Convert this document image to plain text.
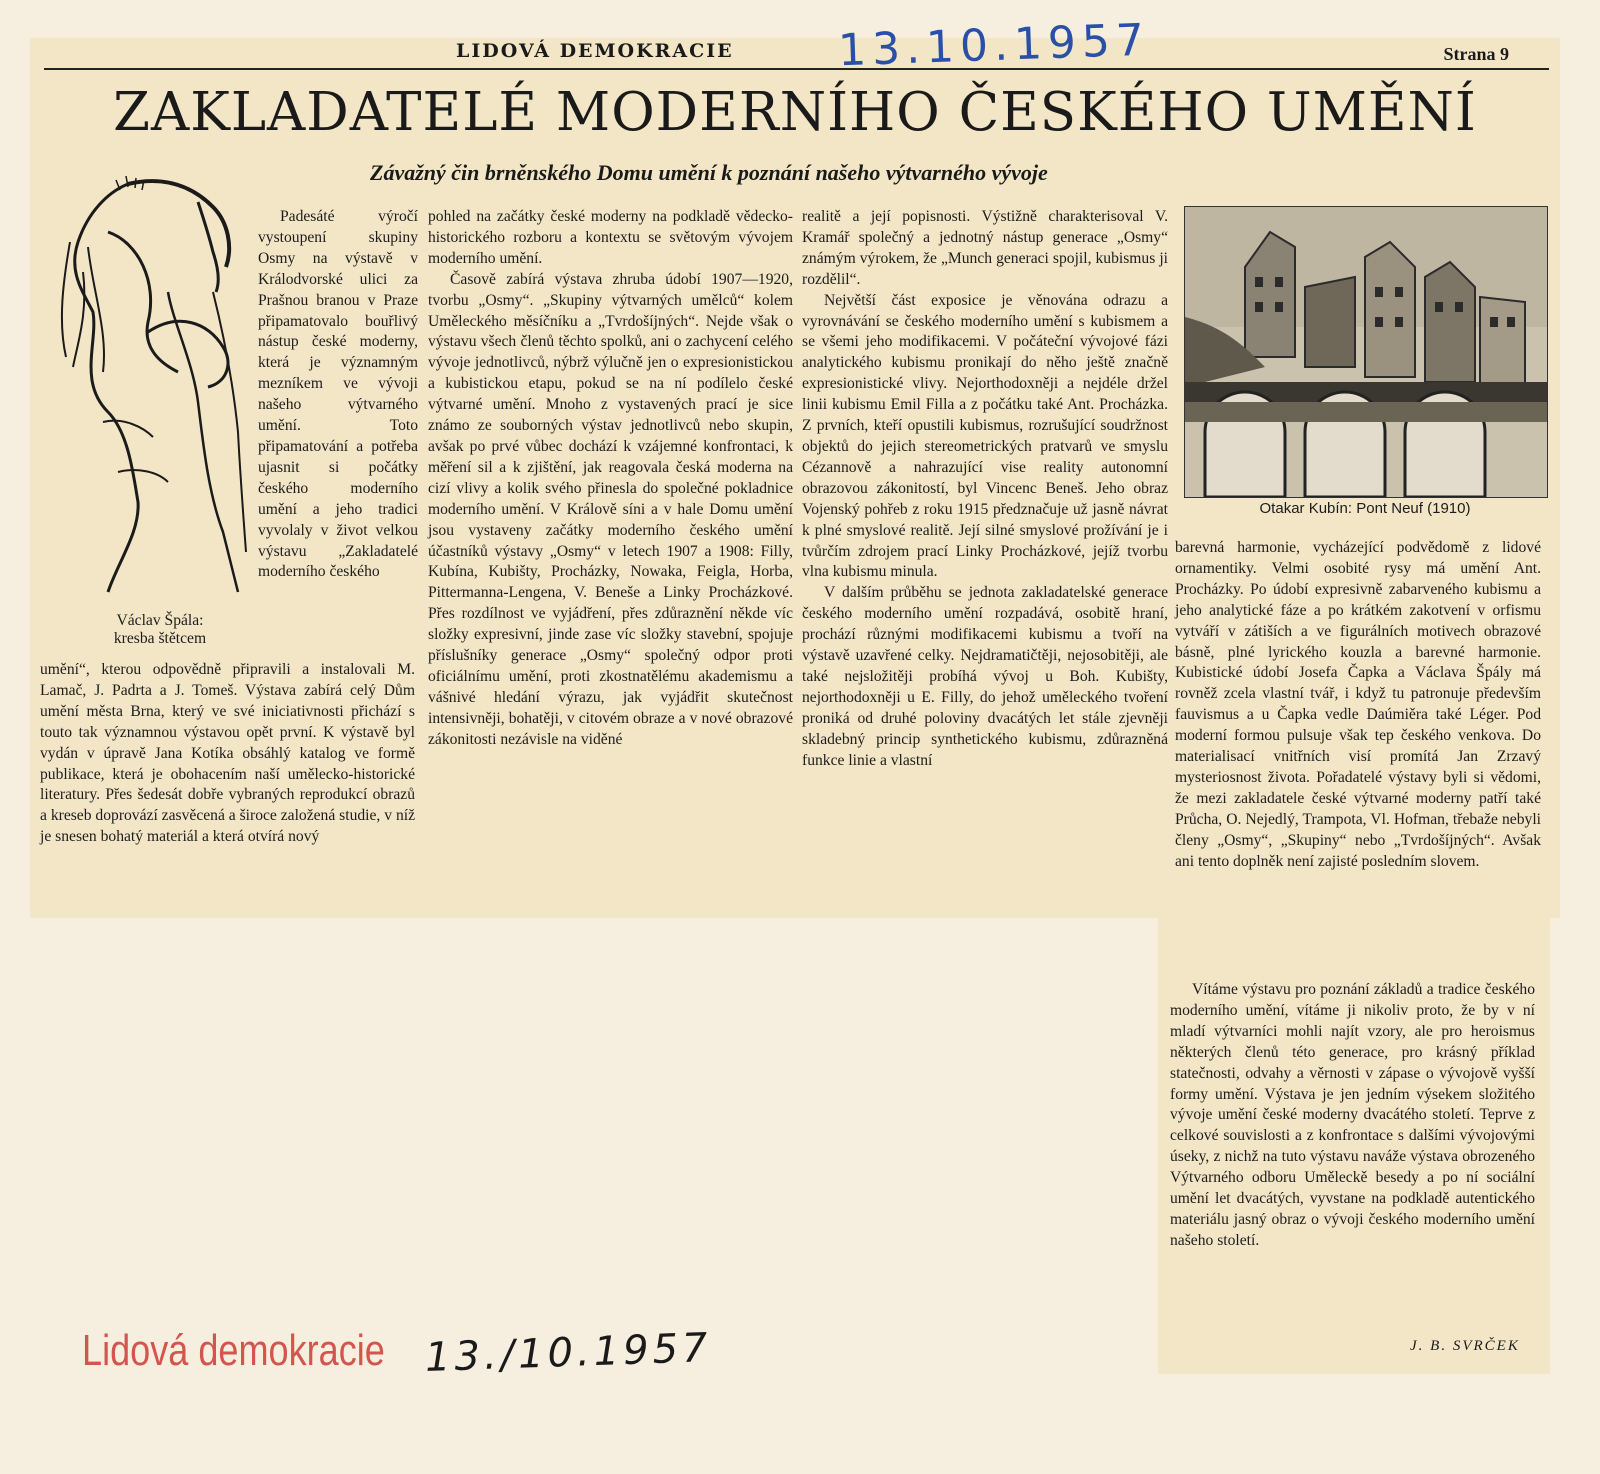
LIDOVÁ DEMOKRACIE	Strana 9
13.10.1957
ZAKLADATELÉ MODERNÍHO ČESKÉHO UMĚNÍ
Závažný čin brněnského Domu umění k poznání našeho výtvarného vývoje
Václav Špála:
kresba štětcem

Padesáté výročí vystoupení skupiny Osmy na výstavě v Králodvorské ulici za Prašnou branou v Praze připamatovalo bouřlivý nástup české moderny, která je významným mezníkem ve vývoji našeho výtvarného umění. Toto připamatování a potřeba ujasnit si počátky českého moderního umění a jeho tradici vyvolaly v život velkou výstavu „Zakladatelé moderního českého

umění“, kterou odpovědně připravili a instalovali M. Lamač, J. Padrta a J. Tomeš. Výstava zabírá celý Dům umění města Brna, který ve své iniciativnosti přichází s touto tak významnou výstavou opět první. K výstavě byl vydán v úpravě Jana Kotíka obsáhlý katalog ve formě publikace, která je obohacením naší umělecko-historické literatury. Přes šedesát dobře vybraných reprodukcí obrazů a kreseb doprovází zasvěcená a široce založená studie, v níž je snesen bohatý materiál a která otvírá nový

pohled na začátky české moderny na podkladě vědecko-historického rozboru a kontextu se světovým vývojem moderního umění.

Časově zabírá výstava zhruba údobí 1907—1920, tvorbu „Osmy“. „Skupiny výtvarných umělců“ kolem Uměleckého měsíčníku a „Tvrdošíjných“. Nejde však o výstavu všech členů těchto spolků, ani o zachycení celého vývoje jednotlivců, nýbrž výlučně jen o expresionistickou a kubistickou etapu, pokud se na ní podílelo české výtvarné umění. Mnoho z vystavených prací je sice známo ze souborných výstav jednotlivců nebo skupin, avšak po prvé vůbec dochází k vzájemné konfrontaci, k měření sil a k zjištění, jak reagovala česká moderna na cizí vlivy a kolik svého přinesla do společné pokladnice moderního umění. V Králově síni a v hale Domu umění jsou vystaveny začátky moderního českého umění účastníků výstavy „Osmy“ v letech 1907 a 1908: Filly, Kubína, Kubišty, Procházky, Nowaka, Feigla, Horba, Pittermanna-Lengena, V. Beneše a Linky Procházkové. Přes rozdílnost ve vyjádření, přes zdůraznění někde víc složky expresivní, jinde zase víc složky stavební, spojuje příslušníky generace „Osmy“ společný odpor proti oficiálnímu umění, proti zkostnatělému akademismu a vášnivé hledání výrazu, jak vyjádřit skutečnost intensivněji, bohatěji, v citovém obraze a v nové obrazové zákonitosti nezávisle na viděné

realitě a její popisnosti. Výstižně charakterisoval V. Kramář společný a jednotný nástup generace „Osmy“ známým výrokem, že „Munch generaci spojil, kubismus ji rozdělil“.

Největší část exposice je věnována odrazu a vyrovnávání se českého moderního umění s kubismem a se všemi jeho modifikacemi. V počáteční vývojové fázi analytického kubismu pronikají do něho ještě značně expresionistické vlivy. Nejorthodoxněji a nejdéle držel linii kubismu Emil Filla a z počátku také Ant. Procházka. Z prvních, kteří opustili kubismus, rozrušující soudržnost objektů do jejich stereometrických pratvarů ve smyslu Cézannově a nahrazující vise reality autonomní obrazovou zákonitostí, byl Vincenc Beneš. Jeho obraz Vojenský pohřeb z roku 1915 předznačuje už jasně návrat k plné smyslové realitě. Její silné smyslové prožívání je i tvůrčím zdrojem prací Linky Procházkové, jejíž tvorbu vlna kubismu minula.

V dalším průběhu se jednota zakladatelské generace českého moderního umění rozpadává, osobitě hraní, prochází různými modifikacemi kubismu a tvoří na výstavě uzavřené celky. Nejdramatičtěji, nejosobitěji, ale také nejsložitěji probíhá vývoj u Boh. Kubišty, nejorthodoxněji u E. Filly, do jehož uměleckého tvoření proniká od druhé poloviny dvacátých let stále zjevněji skladebný princip synthetického kubismu, zdůrazněná funkce linie a vlastní

Otakar Kubín: Pont Neuf (1910)

barevná harmonie, vycházející podvědomě z lidové ornamentiky. Velmi osobité rysy má umění Ant. Procházky. Po údobí expresivně zabarveného kubismu a jeho analytické fáze a po krátkém zakotvení v orfismu vytváří v zátiších a ve figurálních motivech obrazové básně, plné lyrického kouzla a barevné harmonie. Kubistické údobí Josefa Čapka a Václava Špály má rovněž zcela vlastní tvář, i když tu patronuje především fauvismus a u Čapka vedle Daúmiěra také Léger. Pod moderní formou pulsuje však tep českého venkova. Do materialisací vnitřních visí promítá Jan Zrzavý mysteriosnost života. Pořadatelé výstavy byli si vědomi, že mezi zakladatele české výtvarné moderny patří také Průcha, O. Nejedlý, Trampota, Vl. Hofman, třebaže nebyli členy „Osmy“, „Skupiny“ nebo „Tvrdošíjných“. Avšak ani tento doplněk není zajisté posledním slovem.

Vítáme výstavu pro poznání základů a tradice českého moderního umění, vítáme ji nikoliv proto, že by v ní mladí výtvarníci mohli najít vzory, ale pro heroismus některých členů této generace, pro krásný příklad statečnosti, odvahy a věrnosti v zápase o vývojově vyšší formy umění. Výstava je jen jedním výsekem složitého vývoje umění české moderny dvacátého století. Teprve z celkové souvislosti a z konfrontace s dalšími vývojovými úseky, z nichž na tuto výstavu naváže výstava obrozeného Výtvarného odboru Uměleckě besedy a po ní sociální umění let dvacátých, vyvstane na podkladě autentického materiálu jasný obraz o vývoji českého moderního umění našeho století.

J. B. SVRČEK
Lidová demokracie 13./10.1957
